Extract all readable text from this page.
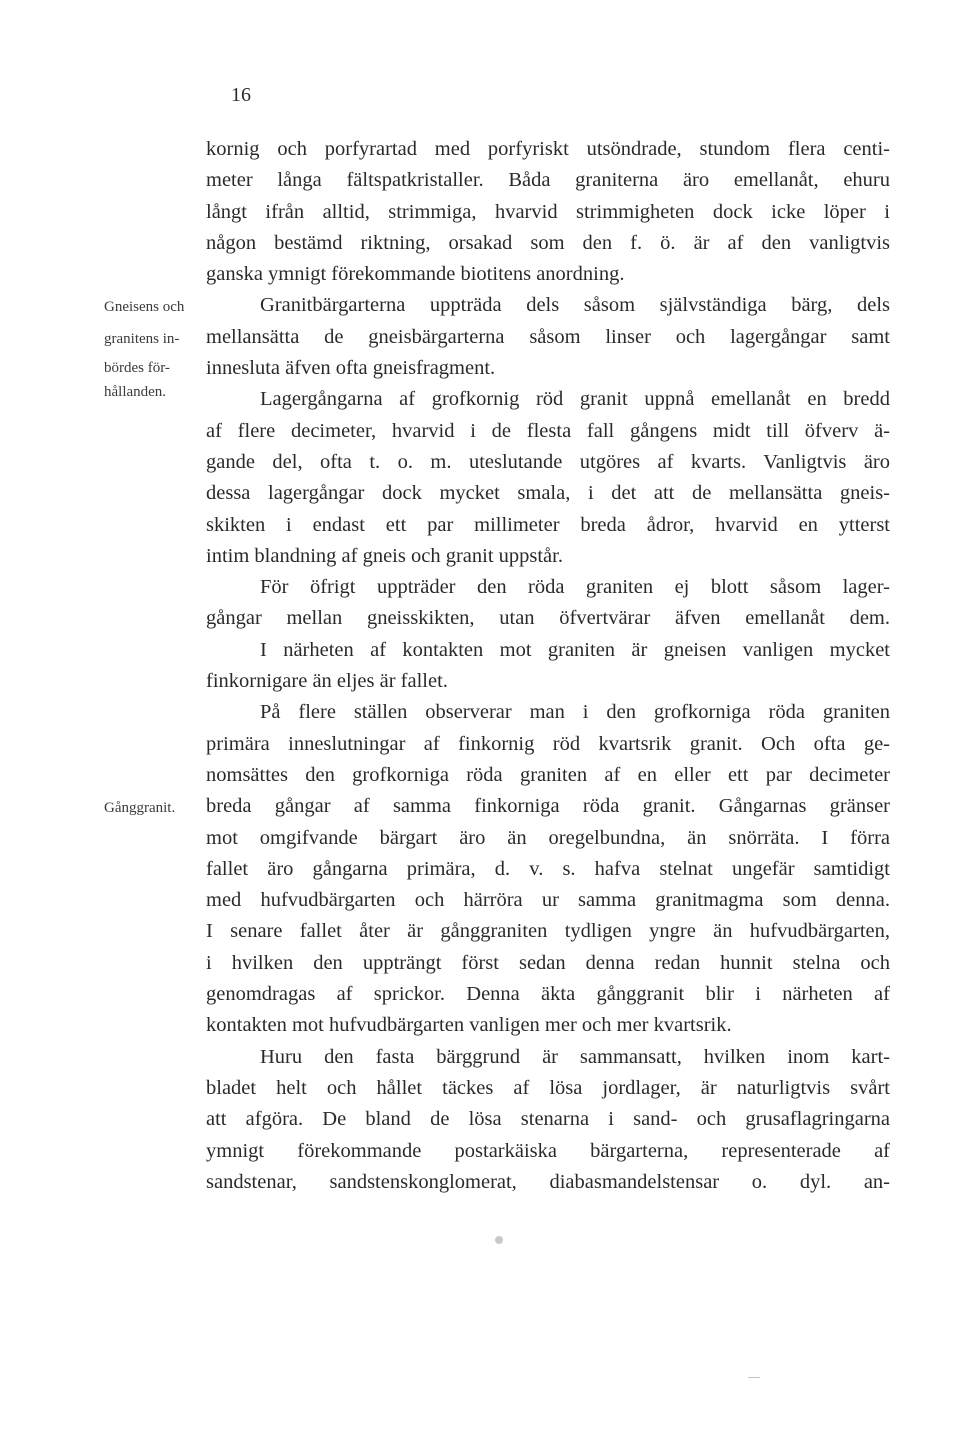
16
Gneisens och
granitens in-
bördes för-
hållanden.
Gånggranit.
kornig och porfyrartad med porfyriskt utsöndrade, stundom flera centi-
meter långa fältspatkristaller. Båda graniterna äro emellanåt, ehuru
långt ifrån alltid, strimmiga, hvarvid strimmigheten dock icke löper i
någon bestämd riktning, orsakad som den f. ö. är af den vanligtvis
ganska ymnigt förekommande biotitens anordning.
Granitbärgarterna uppträda dels såsom självständiga bärg, dels
mellansätta de gneisbärgarterna såsom linser och lagergångar samt
innesluta äfven ofta gneisfragment.
Lagergångarna af grofkornig röd granit uppnå emellanåt en bredd
af flere decimeter, hvarvid i de flesta fall gångens midt till öfverv ä-
gande del, ofta t. o. m. uteslutande utgöres af kvarts. Vanligtvis äro
dessa lagergångar dock mycket smala, i det att de mellansätta gneis-
skikten i endast ett par millimeter breda ådror, hvarvid en ytterst
intim blandning af gneis och granit uppstår.
För öfrigt uppträder den röda graniten ej blott såsom lager-
gångar mellan gneisskikten, utan öfvertvärar äfven emellanåt dem.
I närheten af kontakten mot graniten är gneisen vanligen mycket
finkornigare än eljes är fallet.
På flere ställen observerar man i den grofkorniga röda graniten
primära inneslutningar af finkornig röd kvartsrik granit. Och ofta ge-
nomsättes den grofkorniga röda graniten af en eller ett par decimeter
breda gångar af samma finkorniga röda granit. Gångarnas gränser
mot omgifvande bärgart äro än oregelbundna, än snörräta. I förra
fallet äro gångarna primära, d. v. s. hafva stelnat ungefär samtidigt
med hufvudbärgarten och härröra ur samma granitmagma som denna.
I senare fallet åter är gånggraniten tydligen yngre än hufvudbärgarten,
i hvilken den uppträngt först sedan denna redan hunnit stelna och
genomdragas af sprickor. Denna äkta gånggranit blir i närheten af
kontakten mot hufvudbärgarten vanligen mer och mer kvartsrik.
Huru den fasta bärggrund är sammansatt, hvilken inom kart-
bladet helt och hållet täckes af lösa jordlager, är naturligtvis svårt
att afgöra. De bland de lösa stenarna i sand- och grusaflagringarna
ymnigt förekommande postarkäiska bärgarterna, representerade af
sandstenar, sandstenskonglomerat, diabasmandelstensar o. dyl. an-
